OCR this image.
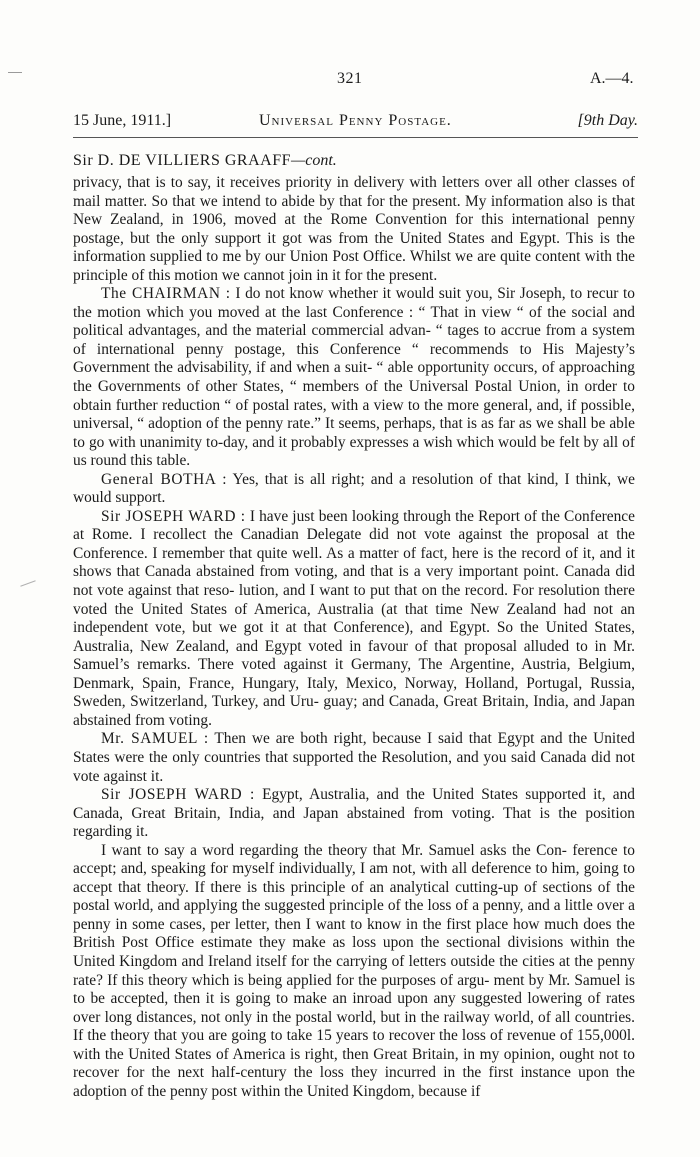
321	A.—4.
15 June, 1911.]	Universal Penny Postage.	[9th Day.
Sir D. DE VILLIERS GRAAFF—cont.

privacy, that is to say, it receives priority in delivery with letters over all other classes of mail matter. So that we intend to abide by that for the present. My information also is that New Zealand, in 1906, moved at the Rome Convention for this international penny postage, but the only support it got was from the United States and Egypt. This is the information supplied to me by our Union Post Office. Whilst we are quite content with the principle of this motion we cannot join in it for the present.

The CHAIRMAN : I do not know whether it would suit you, Sir Joseph, to recur to the motion which you moved at the last Conference : “ That in view “ of the social and political advantages, and the material commercial advan- “ tages to accrue from a system of international penny postage, this Conference “ recommends to His Majesty’s Government the advisability, if and when a suit- “ able opportunity occurs, of approaching the Governments of other States, “ members of the Universal Postal Union, in order to obtain further reduction “ of postal rates, with a view to the more general, and, if possible, universal, “ adoption of the penny rate.” It seems, perhaps, that is as far as we shall be able to go with unanimity to-day, and it probably expresses a wish which would be felt by all of us round this table.

General BOTHA : Yes, that is all right; and a resolution of that kind, I think, we would support.

Sir JOSEPH WARD : I have just been looking through the Report of the Conference at Rome. I recollect the Canadian Delegate did not vote against the proposal at the Conference. I remember that quite well. As a matter of fact, here is the record of it, and it shows that Canada abstained from voting, and that is a very important point. Canada did not vote against that reso- lution, and I want to put that on the record. For resolution there voted the United States of America, Australia (at that time New Zealand had not an independent vote, but we got it at that Conference), and Egypt. So the United States, Australia, New Zealand, and Egypt voted in favour of that proposal alluded to in Mr. Samuel’s remarks. There voted against it Germany, The Argentine, Austria, Belgium, Denmark, Spain, France, Hungary, Italy, Mexico, Norway, Holland, Portugal, Russia, Sweden, Switzerland, Turkey, and Uru- guay; and Canada, Great Britain, India, and Japan abstained from voting.

Mr. SAMUEL : Then we are both right, because I said that Egypt and the United States were the only countries that supported the Resolution, and you said Canada did not vote against it.

Sir JOSEPH WARD : Egypt, Australia, and the United States supported it, and Canada, Great Britain, India, and Japan abstained from voting. That is the position regarding it.

I want to say a word regarding the theory that Mr. Samuel asks the Con- ference to accept; and, speaking for myself individually, I am not, with all deference to him, going to accept that theory. If there is this principle of an analytical cutting-up of sections of the postal world, and applying the suggested principle of the loss of a penny, and a little over a penny in some cases, per letter, then I want to know in the first place how much does the British Post Office estimate they make as loss upon the sectional divisions within the United Kingdom and Ireland itself for the carrying of letters outside the cities at the penny rate? If this theory which is being applied for the purposes of argu- ment by Mr. Samuel is to be accepted, then it is going to make an inroad upon any suggested lowering of rates over long distances, not only in the postal world, but in the railway world, of all countries. If the theory that you are going to take 15 years to recover the loss of revenue of 155,000l. with the United States of America is right, then Great Britain, in my opinion, ought not to recover for the next half-century the loss they incurred in the first instance upon the adoption of the penny post within the United Kingdom, because if
